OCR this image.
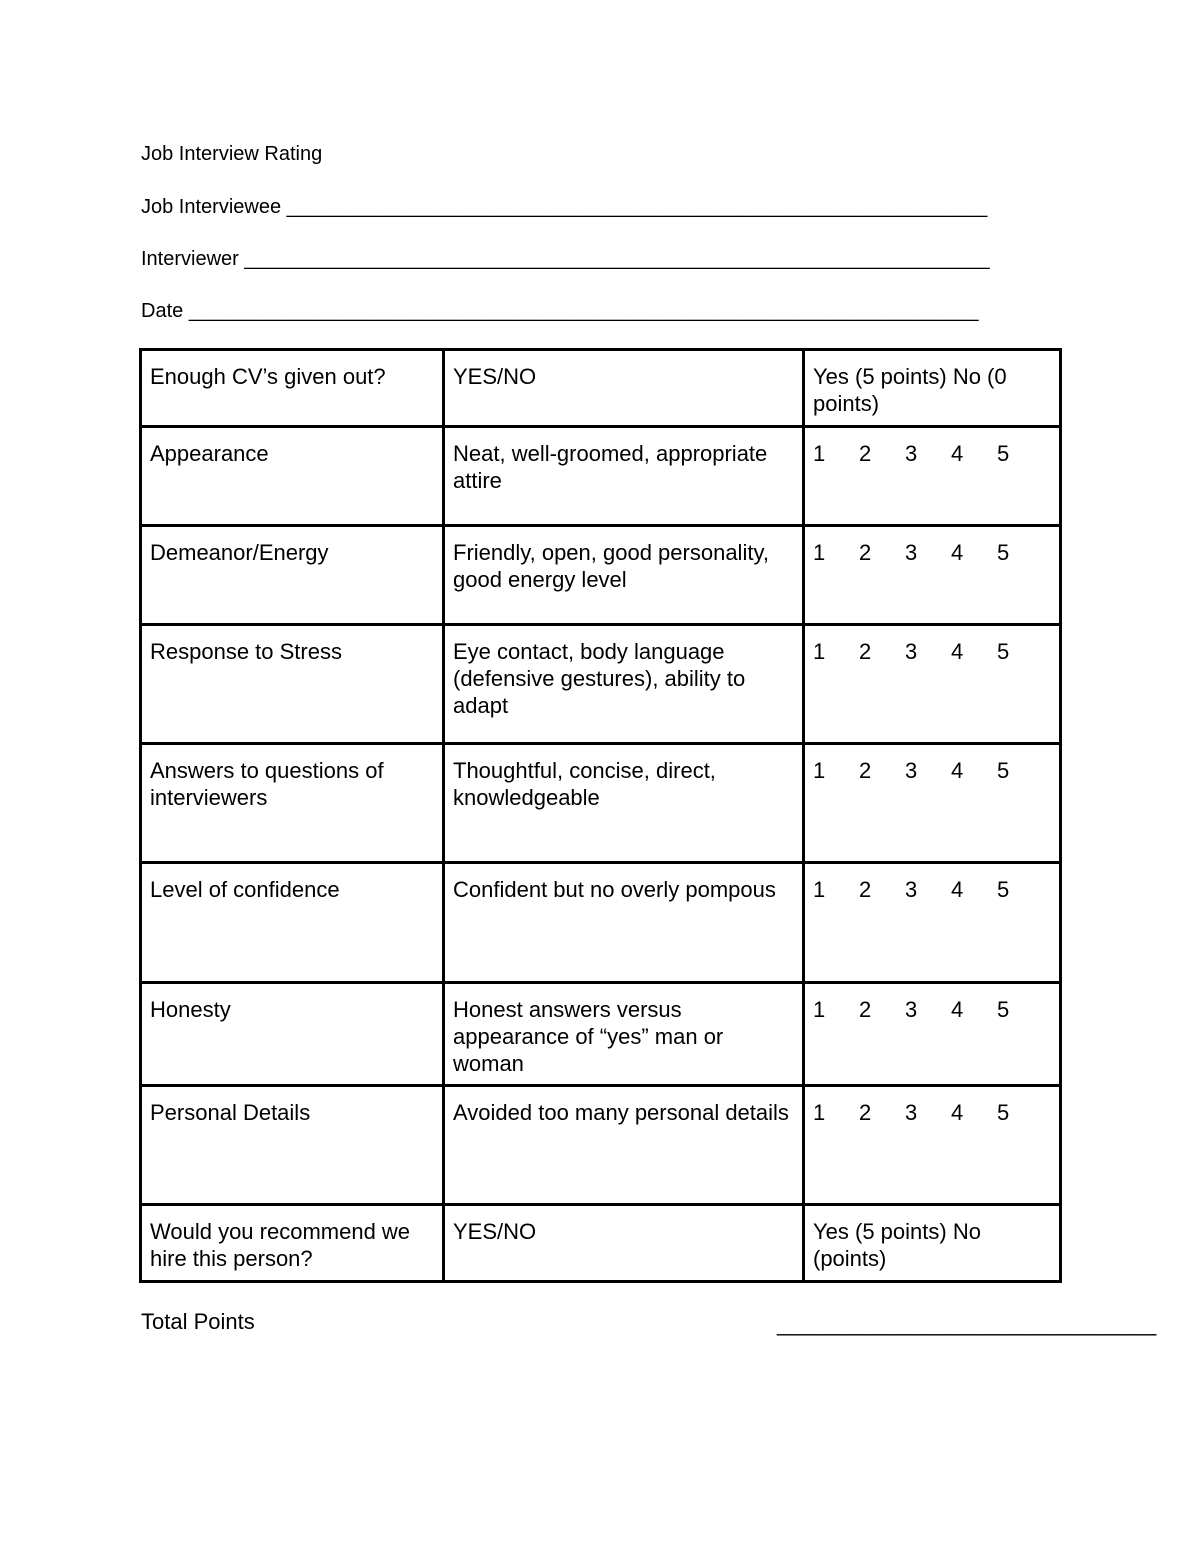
Job Interview Rating
Job Interviewee _______________________________________________________________
Interviewer ___________________________________________________________________
Date _______________________________________________________________________
Enough CV’s given out?	YES/NO	Yes (5 points) No (0 points)
Appearance	Neat, well-groomed, appropriate attire	1 2 3 4 5
Demeanor/Energy	Friendly, open, good personality, good energy level	1 2 3 4 5
Response to Stress	Eye contact, body language (defensive gestures), ability to adapt	1 2 3 4 5
Answers to questions of interviewers	Thoughtful, concise, direct, knowledgeable	1 2 3 4 5
Level of confidence	Confident but no overly pompous	1 2 3 4 5
Honesty	Honest answers versus appearance of “yes” man or woman	1 2 3 4 5
Personal Details	Avoided too many personal details	1 2 3 4 5
Would you recommend we hire this person?	YES/NO	Yes (5 points) No (points)
Total Points	_______________________________
